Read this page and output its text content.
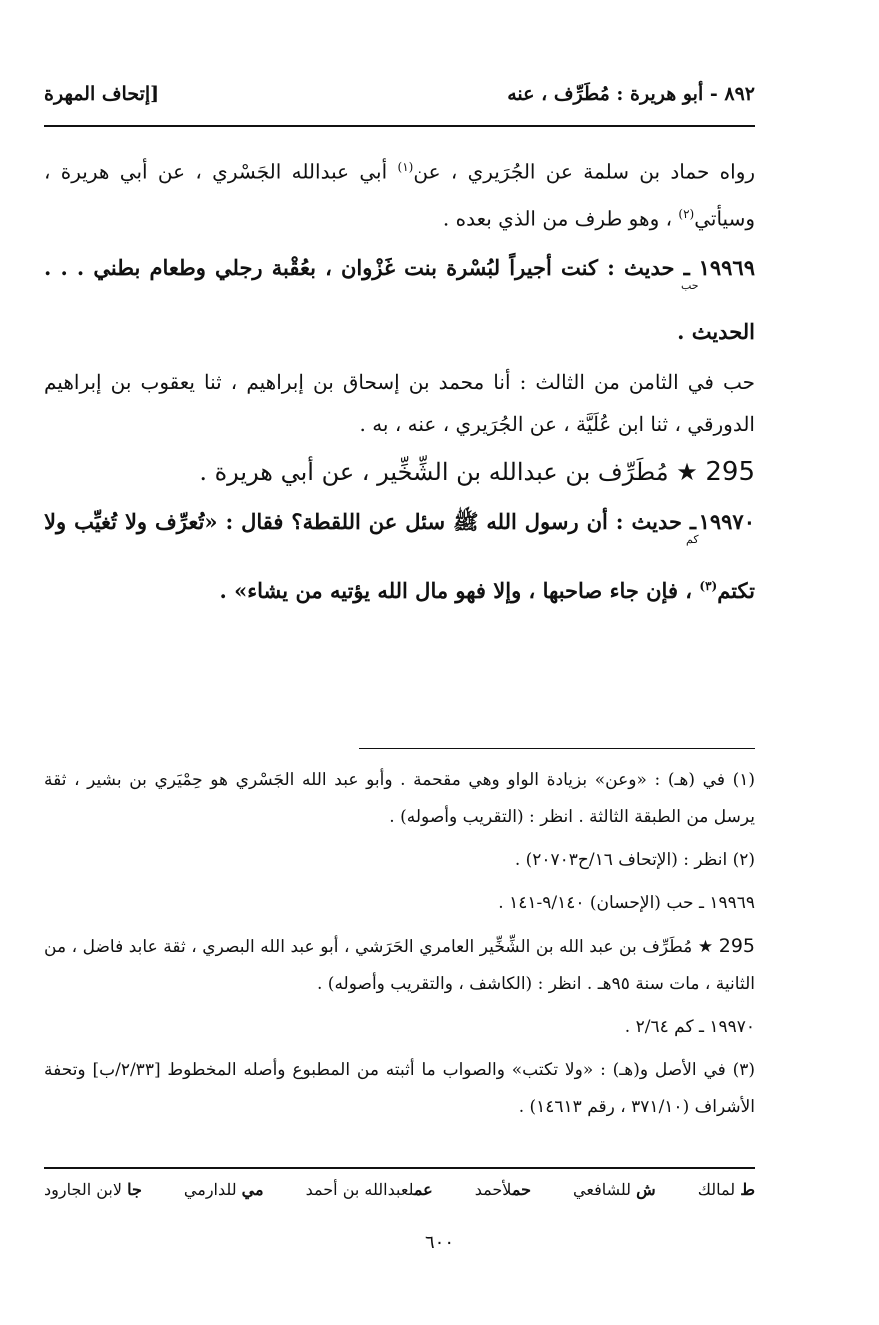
٨٩٢ - أبو هريرة : مُطَرِّف ، عنه
[إتحاف المهرة

رواه حماد بن سلمة عن الجُرَيري ، عن$^{(١)}$ أبي عبدالله الجَسْري ، عن أبي هريرة ، وسيأتي$^{(٢)}$ ، وهو طرف من الذي بعده .

$١٩٩٦٩_{حب}$ ـ حديث : كنت أجيراً لبُسْرة بنت غَزْوان ، بعُقْبة رجلي وطعام بطني . . . الحديث .

حب في الثامن من الثالث : أنا محمد بن إسحاق بن إبراهيم ، ثنا يعقوب بن إبراهيم الدورقي ، ثنا ابن عُلَيَّة ، عن الجُرَيري ، عنه ، به .

295 ★ مُطَرِّف بن عبدالله بن الشِّخِّير ، عن أبي هريرة .

$١٩٩٧٠_{كم}$ ـ حديث : أن رسول الله ﷺ سئل عن اللقطة؟ فقال : «تُعرِّف ولا تُغيِّب ولا تكتم$^{(٣)}$ ، فإن جاء صاحبها ، وإلا فهو مال الله يؤتيه من يشاء» .

(١) في (هـ) : «وعن» بزيادة الواو وهي مقحمة . وأبو عبد الله الجَسْري هو حِمْيَري بن بشير ، ثقة يرسل من الطبقة الثالثة . انظر : (التقريب وأصوله) .

(٢) انظر : (الإتحاف ١٦/ح٢٠٧٠٣) .

١٩٩٦٩ ـ حب (الإحسان) ٩/١٤٠-١٤١ .

295 ★ مُطَرِّف بن عبد الله بن الشِّخِّير العامري الحَرَشي ، أبو عبد الله البصري ، ثقة عابد فاضل ، من الثانية ، مات سنة ٩٥هـ . انظر : (الكاشف ، والتقريب وأصوله) .

١٩٩٧٠ ـ كم ٢/٦٤ .

(٣) في الأصل و(هـ) : «ولا تكتب» والصواب ما أثبته من المطبوع وأصله المخطوط [٢/٣٣/ب] وتحفة الأشراف (٣٧١/١٠ ، رقم ١٤٦١٣) .

ط لمالك
ش للشافعي
حملأحمد
عملعبدالله بن أحمد
مي للدارمي
جا لابن الجارود
٦٠٠
